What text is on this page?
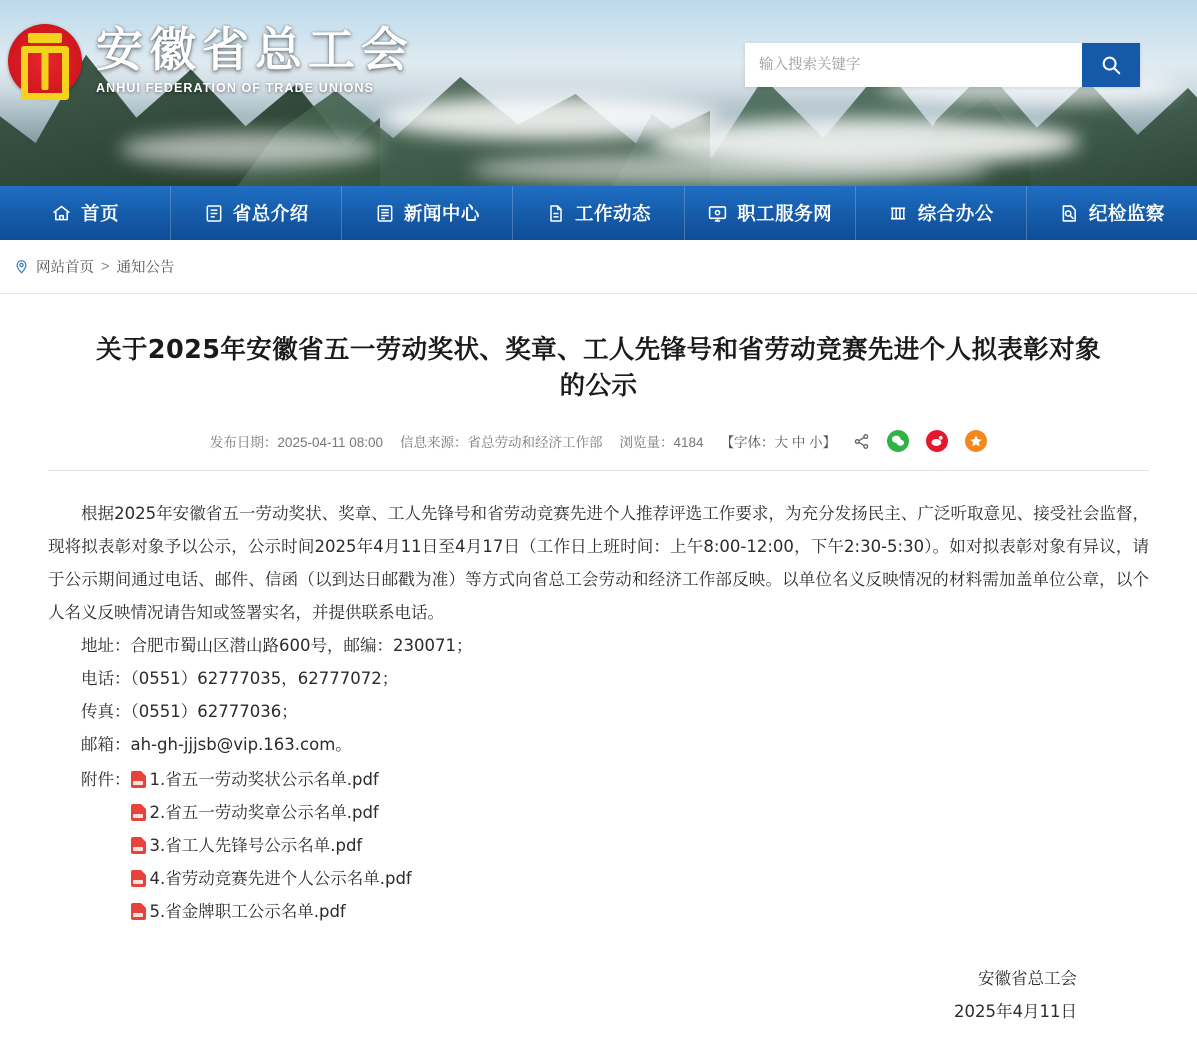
安徽省总工会
ANHUI FEDERATION OF TRADE UNIONS
输入搜索关键字
首页	省总介绍	新闻中心	工作动态	职工服务网	综合办公	纪检监察
网站首页 > 通知公告
关于2025年安徽省五一劳动奖状、奖章、工人先锋号和省劳动竞赛先进个人拟表彰对象的公示
发布日期：2025-04-11 08:00 信息来源：省总劳动和经济工作部 浏览量：4184 【字体：大 中 小】

根据2025年安徽省五一劳动奖状、奖章、工人先锋号和省劳动竞赛先进个人推荐评选工作要求，为充分发扬民主、广泛听取意见、接受社会监督，现将拟表彰对象予以公示，公示时间2025年4月11日至4月17日（工作日上班时间：上午8:00-12:00，下午2:30-5:30）。如对拟表彰对象有异议，请于公示期间通过电话、邮件、信函（以到达日邮戳为准）等方式向省总工会劳动和经济工作部反映。以单位名义反映情况的材料需加盖单位公章，以个人名义反映情况请告知或签署实名，并提供联系电话。

地址：合肥市蜀山区潜山路600号，邮编：230071；

电话：（0551）62777035，62777072；

传真：（0551）62777036；

邮箱：ah-gh-jjjsb@vip.163.com。

附件： 1.省五一劳动奖状公示名单.pdf
2.省五一劳动奖章公示名单.pdf
3.省工人先锋号公示名单.pdf
4.省劳动竞赛先进个人公示名单.pdf
5.省金牌职工公示名单.pdf
安徽省总工会
2025年4月11日
